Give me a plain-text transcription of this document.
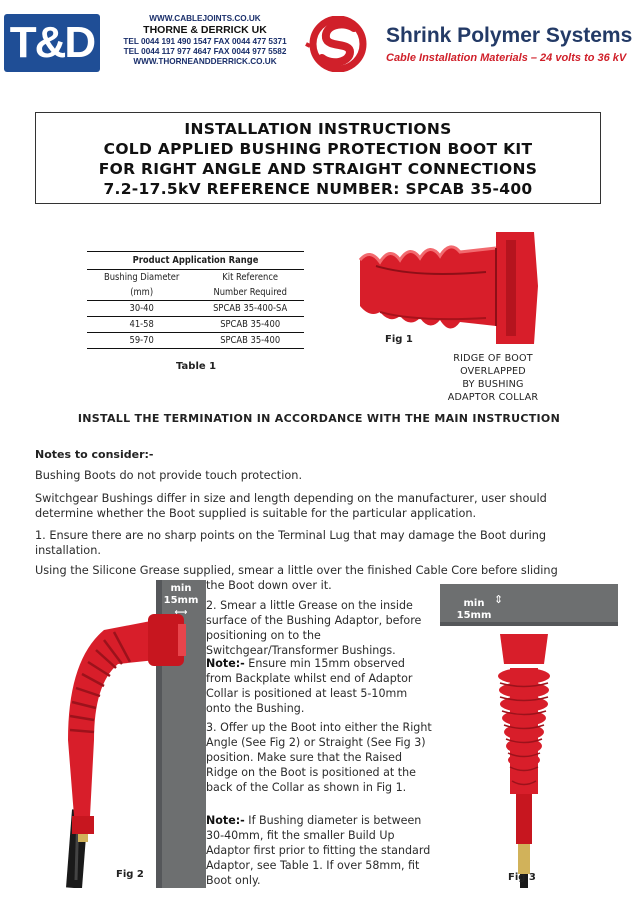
T&D	WWW.CABLEJOINTS.CO.UK
THORNE & DERRICK UK
TEL 0044 191 490 1547 FAX 0044 477 5371
TEL 0044 117 977 4647 FAX 0044 977 5582
WWW.THORNEANDDERRICK.CO.UK
Shrink Polymer Systems
Cable Installation Materials – 24 volts to 36 kV
INSTALLATION INSTRUCTIONS
COLD APPLIED BUSHING PROTECTION BOOT KIT
FOR RIGHT ANGLE AND STRAIGHT CONNECTIONS
7.2-17.5kV REFERENCE NUMBER: SPCAB 35-400
Product Application Range	
Bushing Diameter	Kit Reference
(mm)	Number Required
30-40	SPCAB 35-400-SA
41-58	SPCAB 35-400
59-70	SPCAB 35-400
Table 1
Fig 1
RIDGE OF BOOT
OVERLAPPED
BY BUSHING
ADAPTOR COLLAR
INSTALL THE TERMINATION IN ACCORDANCE WITH THE MAIN INSTRUCTION
Notes to consider:-
Bushing Boots do not provide touch protection.
Switchgear Bushings differ in size and length depending on the manufacturer, user should determine whether the Boot supplied is suitable for the particular application.
1. Ensure there are no sharp points on the Terminal Lug that may damage the Boot during installation.
Using the Silicone Grease supplied, smear a little over the finished Cable Core before sliding
the Boot down over it.
min
15mm
⟷
Fig 2
2. Smear a little Grease on the inside surface of the Bushing Adaptor, before positioning on to the Switchgear/Transformer Bushings.
Note:- Ensure min 15mm observed from Backplate whilst end of Adaptor Collar is positioned at least 5-10mm onto the Bushing.
3. Offer up the Boot into either the Right Angle (See Fig 2) or Straight (See Fig 3) position. Make sure that the Raised Ridge on the Boot is positioned at the back of the Collar as shown in Fig 1.
Note:- If Bushing diameter is between 30-40mm, fit the smaller Build Up Adaptor first prior to fitting the standard Adaptor, see Table 1. If over 58mm, fit Boot only.
min
15mm
⇕
Fig 3
